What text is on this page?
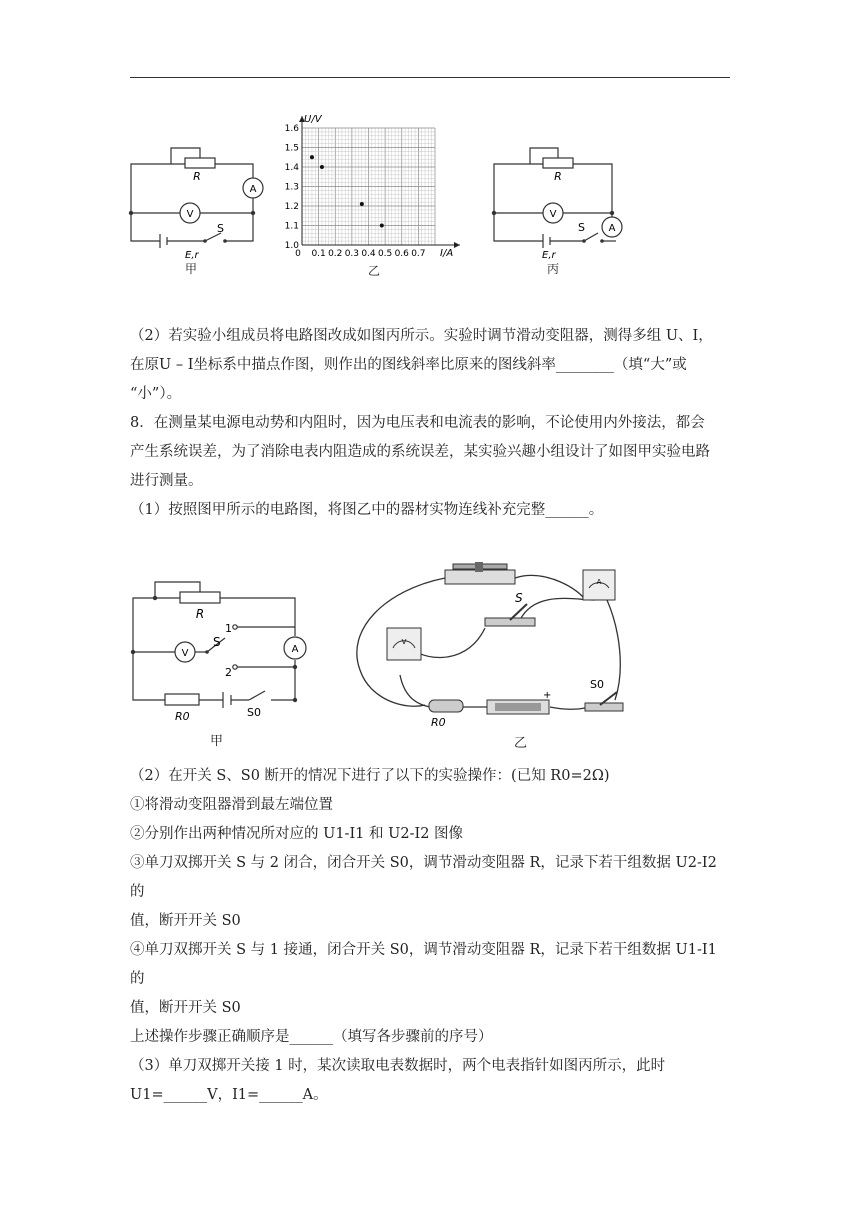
A
V
R
S
E,r
甲
0 0.1 0.2 0.3 0.4 0.5 0.6 0.7
1.0
1.1
1.2
1.3
1.4
1.5
1.6
U/V
I/A
乙
A
V
R
S
E,r
丙

（2）若实验小组成员将电路图改成如图丙所示。实验时调节滑动变阻器，测得多组 U、I，

在原U – I坐标系中描点作图，则作出的图线斜率比原来的图线斜率________（填“大”或

“小”）。

8．在测量某电源电动势和内阻时，因为电压表和电流表的影响，不论使用内外接法，都会

产生系统误差，为了消除电表内阻造成的系统误差，某实验兴趣小组设计了如图甲实验电路

进行测量。

（1）按照图甲所示的电路图，将图乙中的器材实物连线补充完整______。

V	A
R
S
1
2
R0	S0
甲
A
V
S
S0
R0
+
乙

（2）在开关 S、S0 断开的情况下进行了以下的实验操作：(已知 R0=2Ω)

①将滑动变阻器滑到最左端位置

②分别作出两种情况所对应的 U1-I1 和 U2-I2 图像

③单刀双掷开关 S 与 2 闭合，闭合开关 S0，调节滑动变阻器 R，记录下若干组数据 U2-I2 的

值，断开开关 S0

④单刀双掷开关 S 与 1 接通，闭合开关 S0，调节滑动变阻器 R，记录下若干组数据 U1-I1 的

值，断开开关 S0

上述操作步骤正确顺序是______（填写各步骤前的序号）

（3）单刀双掷开关接 1 时，某次读取电表数据时，两个电表指针如图丙所示，此时

U1=______V，I1=______A。
